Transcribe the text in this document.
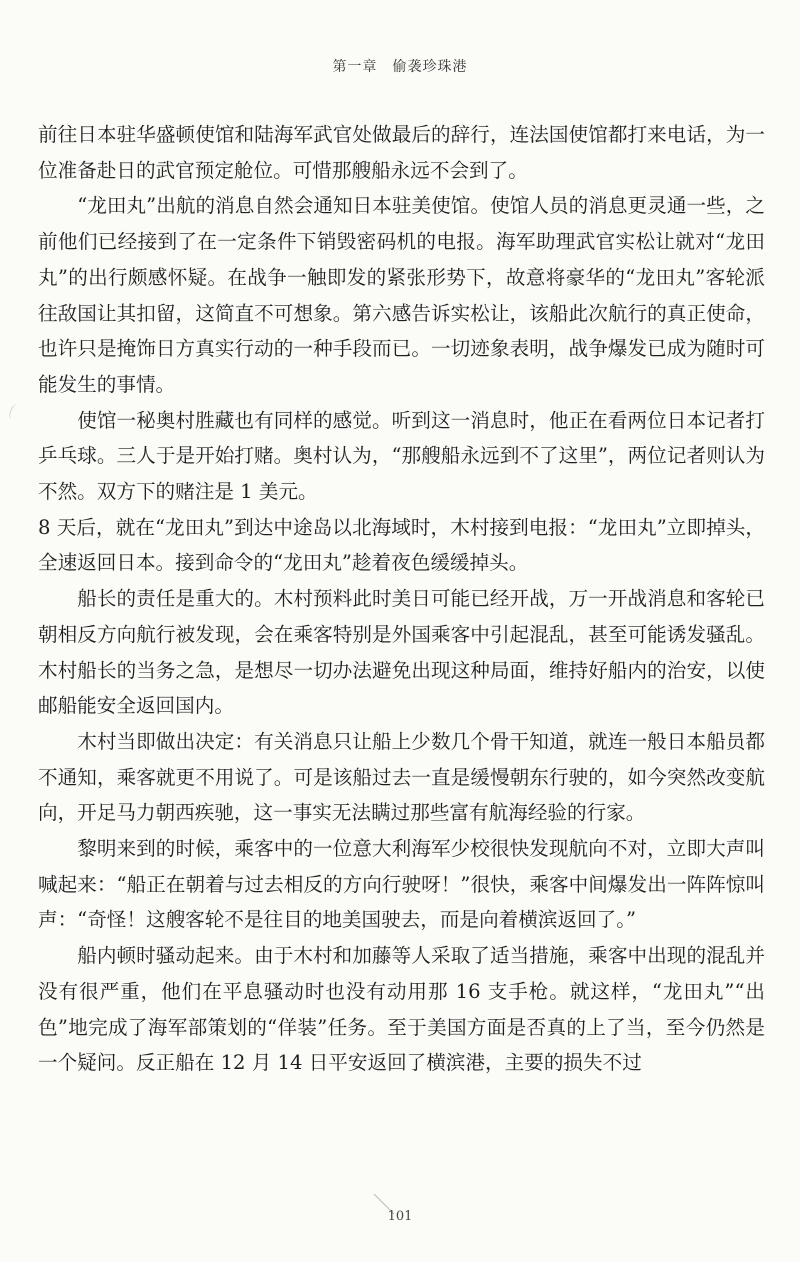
第一章　偷袭珍珠港

前往日本驻华盛顿使馆和陆海军武官处做最后的辞行，连法国使馆都打来电话，为一位准备赴日的武官预定舱位。可惜那艘船永远不会到了。

“龙田丸”出航的消息自然会通知日本驻美使馆。使馆人员的消息更灵通一些，之前他们已经接到了在一定条件下销毁密码机的电报。海军助理武官实松让就对“龙田丸”的出行颇感怀疑。在战争一触即发的紧张形势下，故意将豪华的“龙田丸”客轮派往敌国让其扣留，这简直不可想象。第六感告诉实松让，该船此次航行的真正使命，也许只是掩饰日方真实行动的一种手段而已。一切迹象表明，战争爆发已成为随时可能发生的事情。

使馆一秘奥村胜藏也有同样的感觉。听到这一消息时，他正在看两位日本记者打乒乓球。三人于是开始打赌。奥村认为，“那艘船永远到不了这里”，两位记者则认为不然。双方下的赌注是 1 美元。

8 天后，就在“龙田丸”到达中途岛以北海域时，木村接到电报：“龙田丸”立即掉头，全速返回日本。接到命令的“龙田丸”趁着夜色缓缓掉头。

船长的责任是重大的。木村预料此时美日可能已经开战，万一开战消息和客轮已朝相反方向航行被发现，会在乘客特别是外国乘客中引起混乱，甚至可能诱发骚乱。木村船长的当务之急，是想尽一切办法避免出现这种局面，维持好船内的治安，以使邮船能安全返回国内。

木村当即做出决定：有关消息只让船上少数几个骨干知道，就连一般日本船员都不通知，乘客就更不用说了。可是该船过去一直是缓慢朝东行驶的，如今突然改变航向，开足马力朝西疾驰，这一事实无法瞒过那些富有航海经验的行家。

黎明来到的时候，乘客中的一位意大利海军少校很快发现航向不对，立即大声叫喊起来：“船正在朝着与过去相反的方向行驶呀！”很快，乘客中间爆发出一阵阵惊叫声：“奇怪！这艘客轮不是往目的地美国驶去，而是向着横滨返回了。”

船内顿时骚动起来。由于木村和加藤等人采取了适当措施，乘客中出现的混乱并没有很严重，他们在平息骚动时也没有动用那 16 支手枪。就这样，“龙田丸”“出色”地完成了海军部策划的“佯装”任务。至于美国方面是否真的上了当，至今仍然是一个疑问。反正船在 12 月 14 日平安返回了横滨港，主要的损失不过

101
